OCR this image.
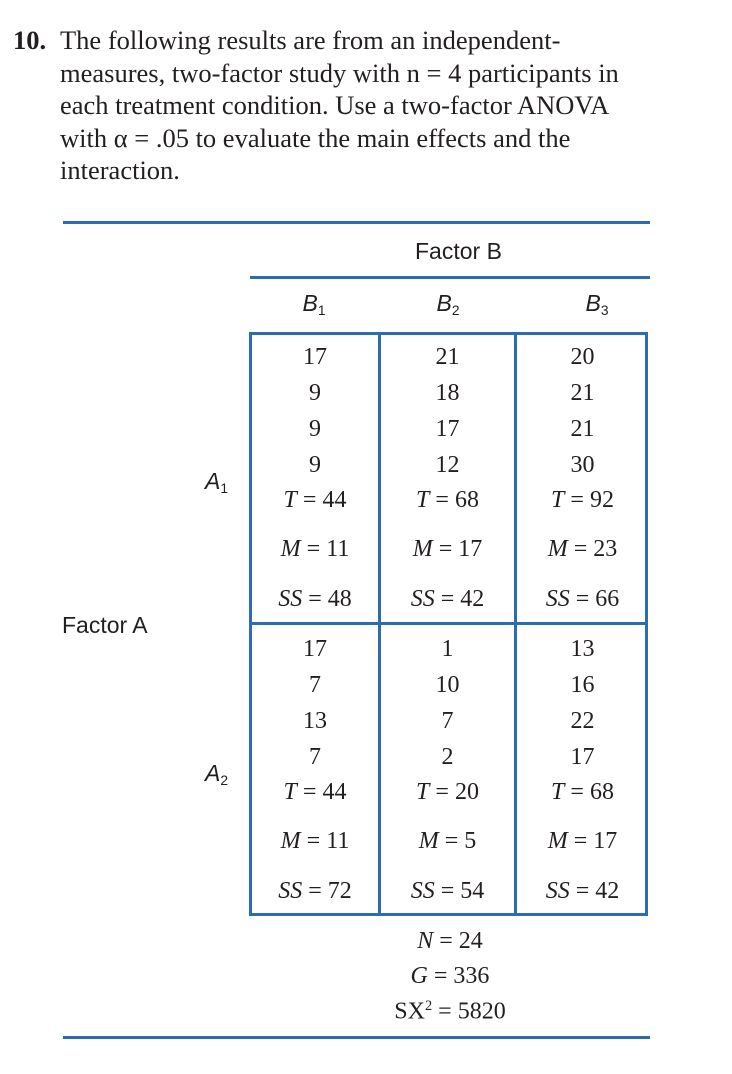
10. The following results are from an independent-
measures, two-factor study with n = 4 participants in
each treatment condition. Use a two-factor ANOVA
with α = .05 to evaluate the main effects and the
interaction.
Factor B
Factor A
$B_1$	$B_2$	$B_3$
$A_1$
$A_2$
17
9
9
9
T = 44
M = 11
SS = 48
21
18
17
12
T = 68
M = 17
SS = 42
20
21
21
30
T = 92
M = 23
SS = 66
17
7
13
7
T = 44
M = 11
SS = 72
1
10
7
2
T = 20
M = 5
SS = 54
13
16
22
17
T = 68
M = 17
SS = 42
N = 24
G = 336
$SX^2 = 5820$
